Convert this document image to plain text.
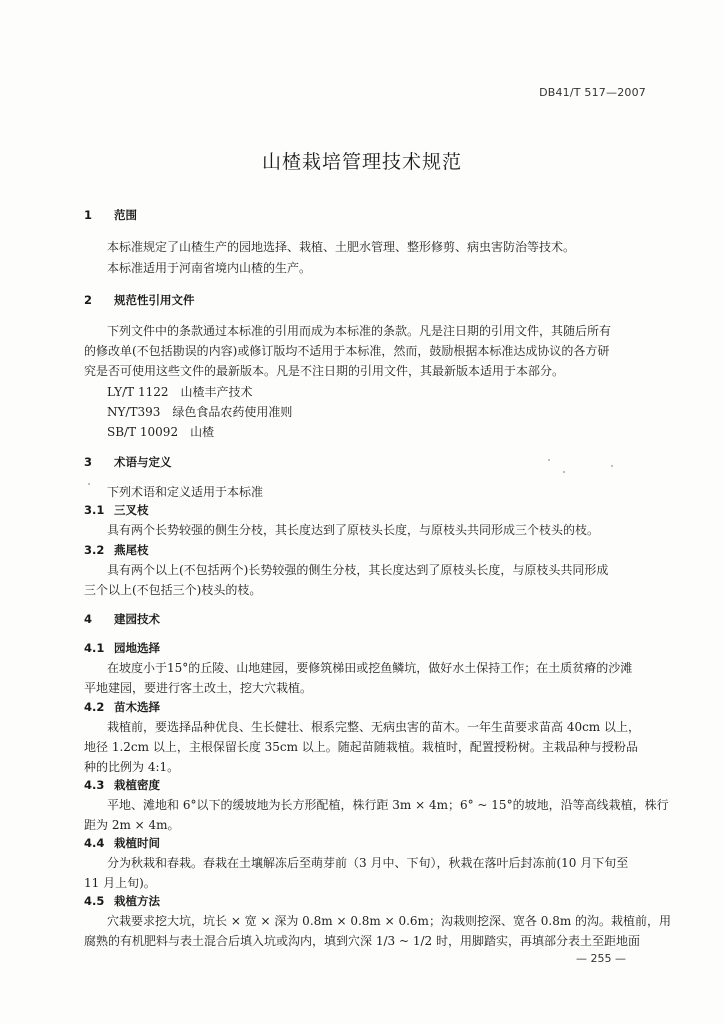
DB41/T 517—2007
山楂栽培管理技术规范
1 范围
本标准规定了山楂生产的园地选择、栽植、土肥水管理、整形修剪、病虫害防治等技术。
本标准适用于河南省境内山楂的生产。
2 规范性引用文件
下列文件中的条款通过本标准的引用而成为本标准的条款。凡是注日期的引用文件，其随后所有
的修改单(不包括勘误的内容)或修订版均不适用于本标准，然而，鼓励根据本标准达成协议的各方研
究是否可使用这些文件的最新版本。凡是不注日期的引用文件，其最新版本适用于本部分。
LY/T 1122　山楂丰产技术
NY/T393　绿色食品农药使用准则
SB/T 10092　山楂
3 术语与定义
下列术语和定义适用于本标准
3.1 三叉枝
具有两个长势较强的侧生分枝，其长度达到了原枝头长度，与原枝头共同形成三个枝头的枝。
3.2 燕尾枝
具有两个以上(不包括两个)长势较强的侧生分枝，其长度达到了原枝头长度，与原枝头共同形成
三个以上(不包括三个)枝头的枝。
4 建园技术
4.1 园地选择
在坡度小于15°的丘陵、山地建园，要修筑梯田或挖鱼鳞坑，做好水土保持工作；在土质贫瘠的沙滩
平地建园，要进行客土改土，挖大穴栽植。
4.2 苗木选择
栽植前，要选择品种优良、生长健壮、根系完整、无病虫害的苗木。一年生苗要求苗高 40cm 以上，
地径 1.2cm 以上，主根保留长度 35cm 以上。随起苗随栽植。栽植时，配置授粉树。主栽品种与授粉品
种的比例为 4:1。
4.3 栽植密度
平地、滩地和 6°以下的缓坡地为长方形配植，株行距 3m × 4m；6° ~ 15°的坡地，沿等高线栽植，株行
距为 2m × 4m。
4.4 栽植时间
分为秋栽和春栽。春栽在土壤解冻后至萌芽前（3 月中、下旬），秋栽在落叶后封冻前(10 月下旬至
11 月上旬)。
4.5 栽植方法
穴栽要求挖大坑，坑长 × 宽 × 深为 0.8m × 0.8m × 0.6m；沟栽则挖深、宽各 0.8m 的沟。栽植前，用
腐熟的有机肥料与表土混合后填入坑或沟内，填到穴深 1/3 ~ 1/2 时，用脚踏实，再填部分表土至距地面
— 255 —
